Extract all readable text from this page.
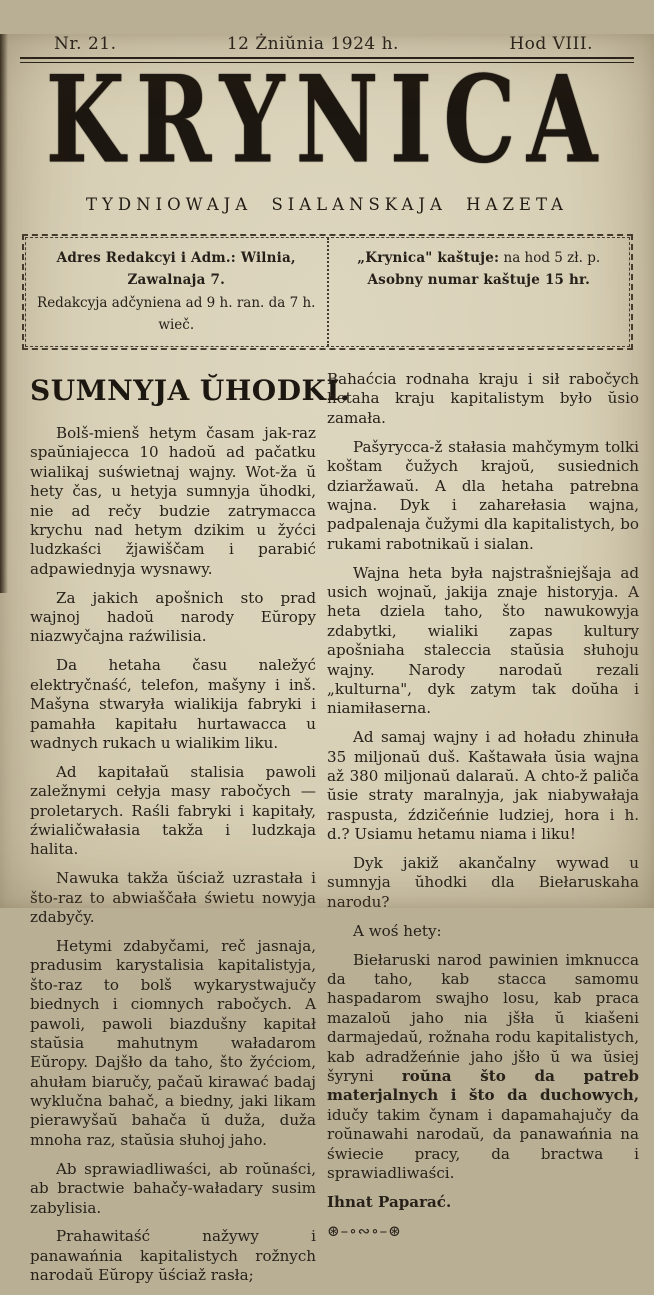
Nr. 21.	12 Żniŭnia 1924 h.	Hod VIII.
KRYNICA
TYDNIOWAJA SIALANSKAJA HAZETA
Adres Redakcyi i Adm.: Wilnia, Zawalnaja 7.
Redakcyja adčyniena ad 9 h. ran. da 7 h. wieč.
„Krynica" kaštuje: na hod 5 zł. p.
Asobny numar kaštuje 15 hr.
SUMNYJA ŬHODKI.

Bolš-mienš hetym časam jak-raz spaŭniajecca 10 hadoŭ ad pačatku wialikaj suświetnaj wajny. Wot-ža ŭ hety čas, u hetyja sumnyja ŭhodki, nie ad rečy budzie zatrymacca krychu nad hetym dzikim u žyćci ludzkaści žjawiščam i parabić adpawiednyja wysnawy.

Za jakich apošnich sto prad wajnoj hadoŭ narody Eŭropy niazwyčajna raźwilisia.

Da hetaha času naležyć elektryčnaść, telefon, mašyny i inš. Mašyna stwaryła wialikija fabryki i pamahła kapitału hurtawacca u wadnych rukach u wialikim liku.

Ad kapitałaŭ stalisia pawoli zaležnymi cełyja masy rabočych — proletarych. Raśli fabryki i kapitały, źwialičwałasia takža i ludzkaja halita.

Nawuka takža ŭściaž uzrastała i što-raz to abwiaščała świetu nowyja zdabyčy.

Hetymi zdabyčami, reč jasnaja, pradusim karystalisia kapitalistyja, što-raz to bolš wykarystwajučy biednych i ciomnych rabočych. A pawoli, pawoli biazdušny kapitał staŭsia mahutnym waładarom Eŭropy. Dajšło da taho, što žyćciom, ahułam biaručy, pačaŭ kirawać badaj wyklučna bahač, a biedny, jaki likam pierawyšaŭ bahača ŭ duža, duža mnoha raz, staŭsia słuhoj jaho.

Ab sprawiadliwaści, ab roŭnaści, ab bractwie bahačy-waładary susim zabylisia.

Prahawitaść nažywy i panawańnia kapitalistych rožnych narodaŭ Eŭropy ŭściaž rasła;

Bahaćcia rodnaha kraju i sił rabočych hetaha kraju kapitalistym było ŭsio zamała.

Pašyrycca-ž stałasia mahčymym tolki koštam čužych krajoŭ, susiednich dziaržawaŭ. A dla hetaha patrebna wajna. Dyk i zaharełasia wajna, padpalenaja čužymi dla kapitalistych, bo rukami rabotnikaŭ i sialan.

Wajna heta była najstrašniejšaja ad usich wojnaŭ, jakija znaje historyja. A heta dziela taho, što nawukowyja zdabytki, wialiki zapas kultury apošniaha staleccia staŭsia słuhoju wajny. Narody narodaŭ rezali „kulturna", dyk zatym tak doŭha i niamiłaserna.

Ad samaj wajny i ad hoładu zhinuła 35 miljonaŭ duš. Kaštawała ŭsia wajna až 380 miljonaŭ dalaraŭ. A chto-ž paliča ŭsie straty maralnyja, jak niabywałaja raspusta, ździčeńnie ludziej, hora i h. d.? Usiamu hetamu niama i liku!

Dyk jakiž akančalny wywad u sumnyja ŭhodki dla Biełaruskaha narodu?

A woś hety:

Biełaruski narod pawinien imknucca da taho, kab stacca samomu haspadarom swajho losu, kab praca mazaloŭ jaho nia jšła ŭ kiašeni darmajedaŭ, rožnaha rodu kapitalistych, kab adradžeńnie jaho jšło ŭ wa ŭsiej šyryni roŭna što da patreb materjalnych i što da duchowych, idučy takim čynam i dapamahajučy da roŭnawahi narodaŭ, da panawańnia na świecie pracy, da bractwa i sprawiadliwaści.

Ihnat Paparać.

⊛–∘∾∘–⊛
